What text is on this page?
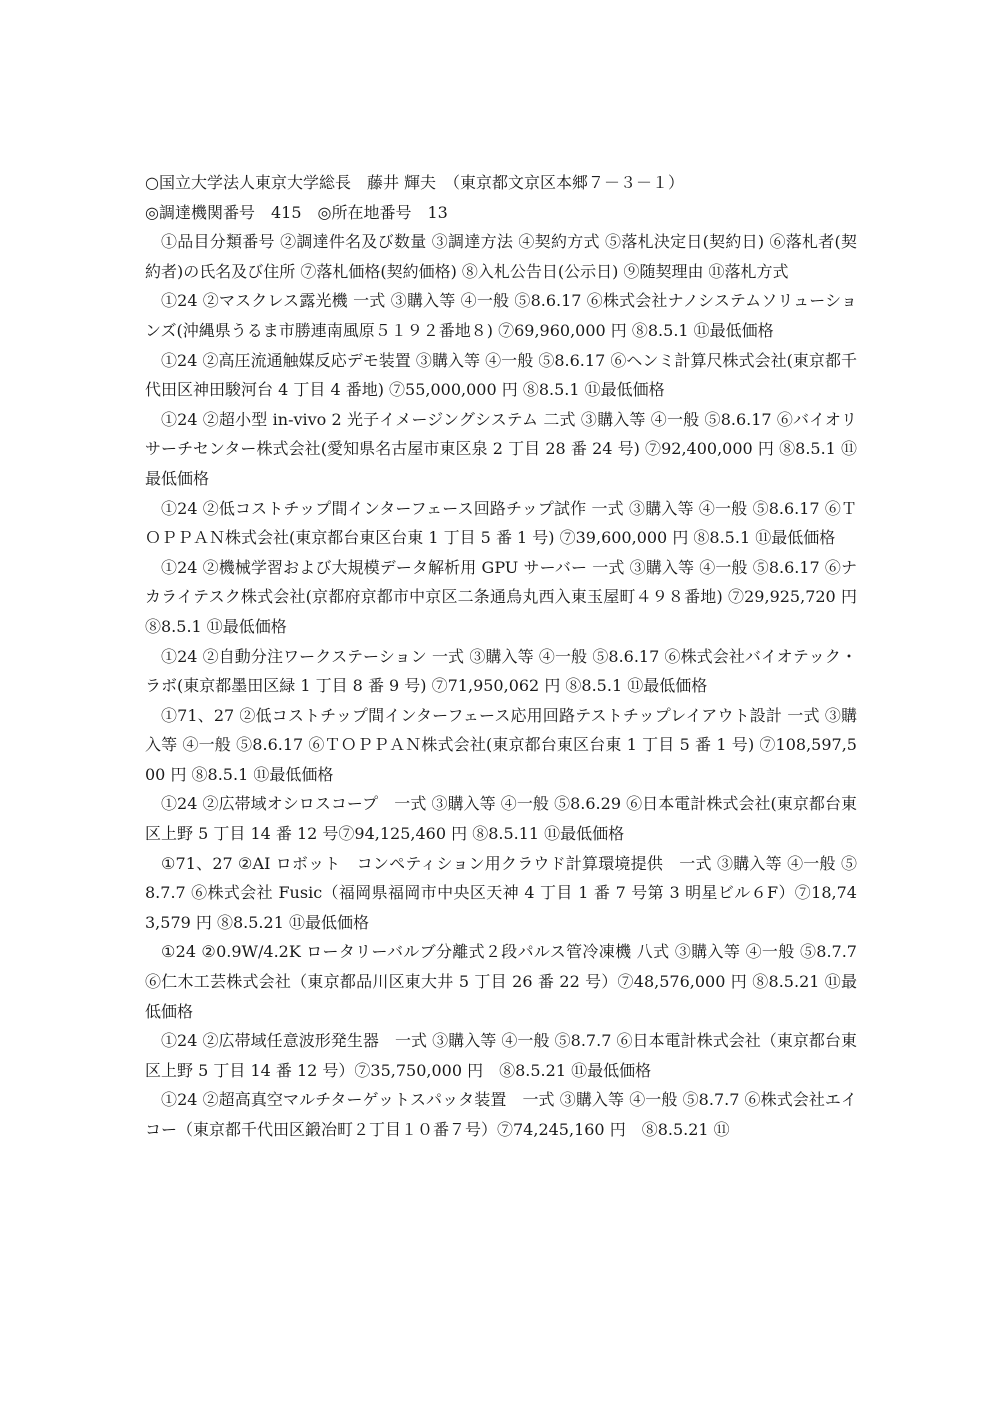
○国立大学法人東京大学総長　藤井 輝夫　（東京都文京区本郷７－３－１）

◎調達機関番号　415　◎所在地番号　13

①品目分類番号 ②調達件名及び数量 ③調達方法 ④契約方式 ⑤落札決定日(契約日) ⑥落札者(契約者)の氏名及び住所 ⑦落札価格(契約価格) ⑧入札公告日(公示日) ⑨随契理由 ⑪落札方式

①24 ②マスクレス露光機 一式 ③購入等 ④一般 ⑤8.6.17 ⑥株式会社ナノシステムソリューションズ(沖縄県うるま市勝連南風原５１９２番地８) ⑦69,960,000 円 ⑧8.5.1 ⑪最低価格

①24 ②高圧流通触媒反応デモ装置 ③購入等 ④一般 ⑤8.6.17 ⑥ヘンミ計算尺株式会社(東京都千代田区神田駿河台 4 丁目 4 番地) ⑦55,000,000 円 ⑧8.5.1 ⑪最低価格

①24 ②超小型 in-vivo 2 光子イメージングシステム 二式 ③購入等 ④一般 ⑤8.6.17 ⑥バイオリサーチセンター株式会社(愛知県名古屋市東区泉 2 丁目 28 番 24 号) ⑦92,400,000 円 ⑧8.5.1 ⑪最低価格

①24 ②低コストチップ間インターフェース回路チップ試作 一式 ③購入等 ④一般 ⑤8.6.17 ⑥ＴＯＰＰＡＮ株式会社(東京都台東区台東 1 丁目 5 番 1 号) ⑦39,600,000 円 ⑧8.5.1 ⑪最低価格

①24 ②機械学習および大規模データ解析用 GPU サーバー 一式 ③購入等 ④一般 ⑤8.6.17 ⑥ナカライテスク株式会社(京都府京都市中京区二条通烏丸西入東玉屋町４９８番地) ⑦29,925,720 円 ⑧8.5.1 ⑪最低価格

①24 ②自動分注ワークステーション 一式 ③購入等 ④一般 ⑤8.6.17 ⑥株式会社バイオテック・ラボ(東京都墨田区緑 1 丁目 8 番 9 号) ⑦71,950,062 円 ⑧8.5.1 ⑪最低価格

①71、27 ②低コストチップ間インターフェース応用回路テストチップレイアウト設計 一式 ③購入等 ④一般 ⑤8.6.17 ⑥ＴＯＰＰＡＮ株式会社(東京都台東区台東 1 丁目 5 番 1 号) ⑦108,597,500 円 ⑧8.5.1 ⑪最低価格

①24 ②広帯域オシロスコープ　一式 ③購入等 ④一般 ⑤8.6.29 ⑥日本電計株式会社(東京都台東区上野 5 丁目 14 番 12 号⑦94,125,460 円 ⑧8.5.11 ⑪最低価格

①71、27 ②AI ロボット　コンペティション用クラウド計算環境提供　一式 ③購入等 ④一般 ⑤8.7.7 ⑥株式会社 Fusic（福岡県福岡市中央区天神 4 丁目 1 番 7 号第 3 明星ビル６F）⑦18,743,579 円 ⑧8.5.21 ⑪最低価格

①24 ②0.9W/4.2K ロータリーバルブ分離式２段パルス管冷凍機 八式 ③購入等 ④一般 ⑤8.7.7 ⑥仁木工芸株式会社（東京都品川区東大井 5 丁目 26 番 22 号）⑦48,576,000 円 ⑧8.5.21 ⑪最低価格

①24 ②広帯域任意波形発生器　一式 ③購入等 ④一般 ⑤8.7.7 ⑥日本電計株式会社（東京都台東区上野 5 丁目 14 番 12 号）⑦35,750,000 円　⑧8.5.21 ⑪最低価格

①24 ②超高真空マルチターゲットスパッタ装置　一式 ③購入等 ④一般 ⑤8.7.7 ⑥株式会社エイコー（東京都千代田区鍛冶町２丁目１０番７号）⑦74,245,160 円　⑧8.5.21 ⑪
